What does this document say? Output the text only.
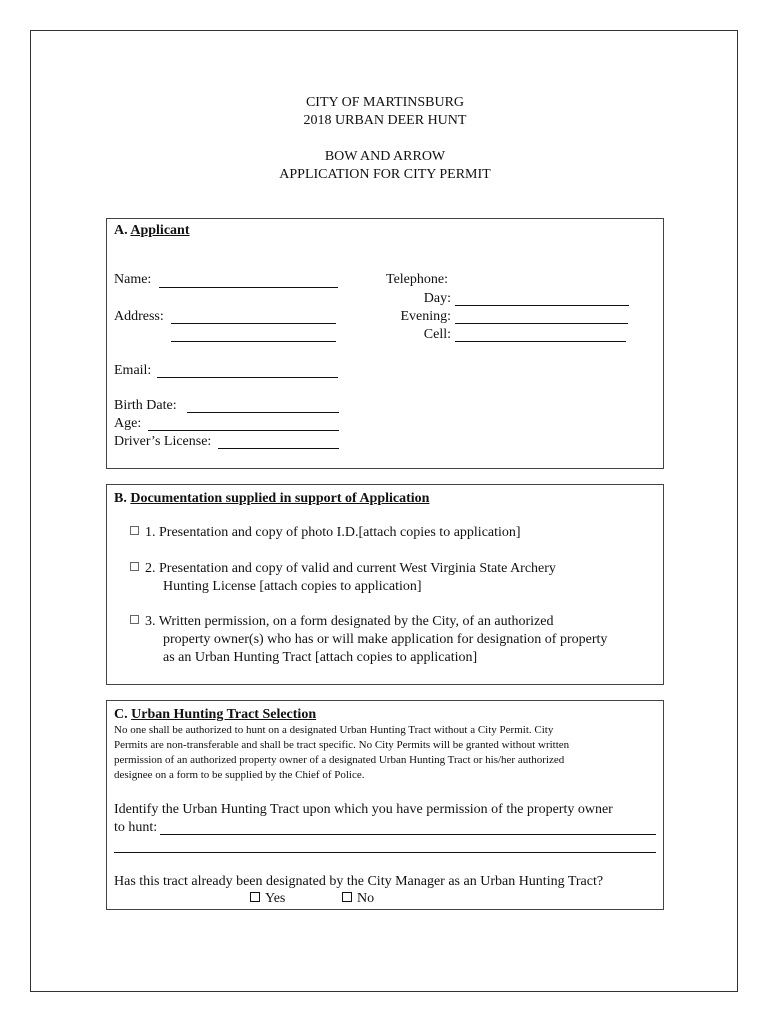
CITY OF MARTINSBURG
2018 URBAN DEER HUNT
BOW AND ARROW
APPLICATION FOR CITY PERMIT
A. Applicant
Name:
Address:
Telephone:
Day:
Evening:
Cell:
Email:
Birth Date:
Age:
Driver’s License:
B. Documentation supplied in support of Application
1. Presentation and copy of photo I.D.[attach copies to application]
2. Presentation and copy of valid and current West Virginia State Archery
Hunting License [attach copies to application]
3. Written permission, on a form designated by the City, of an authorized
property owner(s) who has or will make application for designation of property
as an Urban Hunting Tract [attach copies to application]
C. Urban Hunting Tract Selection
No one shall be authorized to hunt on a designated Urban Hunting Tract without a City Permit. City
Permits are non-transferable and shall be tract specific. No City Permits will be granted without written
permission of an authorized property owner of a designated Urban Hunting Tract or his/her authorized
designee on a form to be supplied by the Chief of Police.
Identify the Urban Hunting Tract upon which you have permission of the property owner
to hunt:
Has this tract already been designated by the City Manager as an Urban Hunting Tract?
Yes	No
